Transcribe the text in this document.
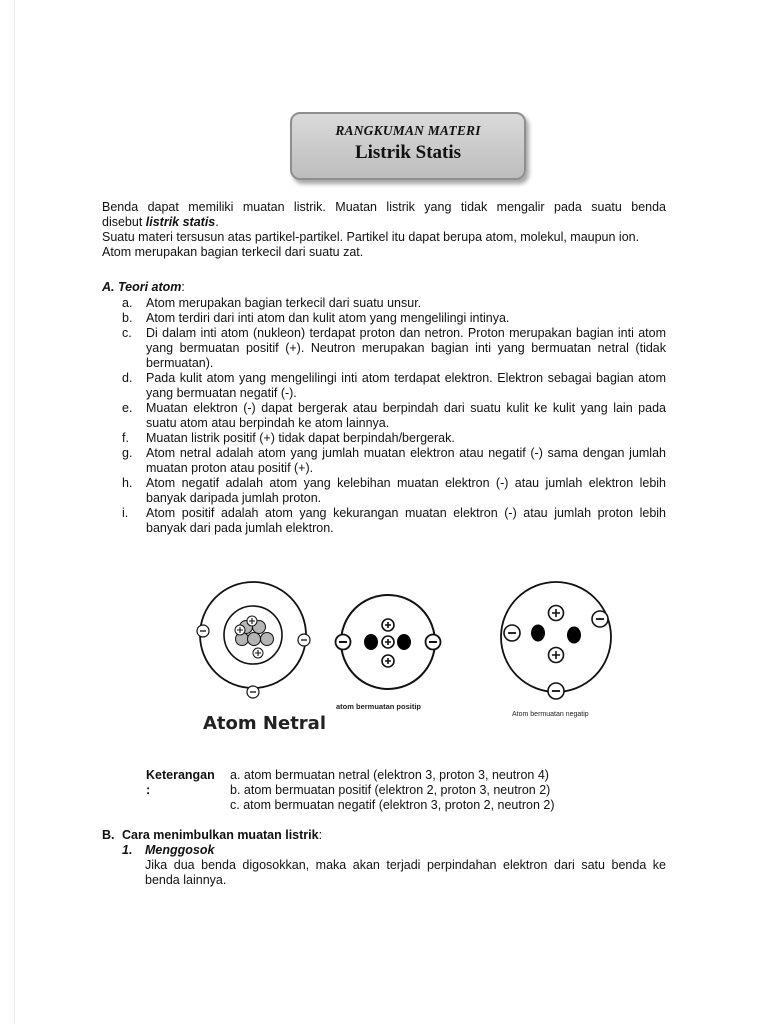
RANGKUMAN MATERI
Listrik Statis

Benda dapat memiliki muatan listrik. Muatan listrik yang tidak mengalir pada suatu benda

disebut listrik statis.

Suatu materi tersusun atas partikel-partikel. Partikel itu dapat berupa atom, molekul, maupun ion.

Atom merupakan bagian terkecil dari suatu zat.

A. Teori atom:
a. Atom merupakan bagian terkecil dari suatu unsur.
b. Atom terdiri dari inti atom dan kulit atom yang mengelilingi intinya.
c. Di dalam inti atom (nukleon) terdapat proton dan netron. Proton merupakan bagian inti atom yang bermuatan positif (+). Neutron merupakan bagian inti yang bermuatan netral (tidak bermuatan).
d. Pada kulit atom yang mengelilingi inti atom terdapat elektron. Elektron sebagai bagian atom yang bermuatan negatif (-).
e. Muatan elektron (-) dapat bergerak atau berpindah dari suatu kulit ke kulit yang lain pada suatu atom atau berpindah ke atom lainnya.
f. Muatan listrik positif (+) tidak dapat berpindah/bergerak.
g. Atom netral adalah atom yang jumlah muatan elektron atau negatif (-) sama dengan jumlah muatan proton atau positif (+).
h. Atom negatif adalah atom yang kelebihan muatan elektron (-) atau jumlah elektron lebih banyak daripada jumlah proton.
i. Atom positif adalah atom yang kekurangan muatan elektron (-) atau jumlah proton lebih banyak dari pada jumlah elektron.
Atom Netral
atom bermuatan positip
Atom bermuatan negatip
Keterangan :
a. atom bermuatan netral (elektron 3, proton 3, neutron 4)
b. atom bermuatan positif (elektron 2, proton 3, neutron 2)
c. atom bermuatan negatif (elektron 3, proton 2, neutron 2)
B. Cara menimbulkan muatan listrik:
1. Menggosok
Jika dua benda digosokkan, maka akan terjadi perpindahan elektron dari satu benda ke benda lainnya.
